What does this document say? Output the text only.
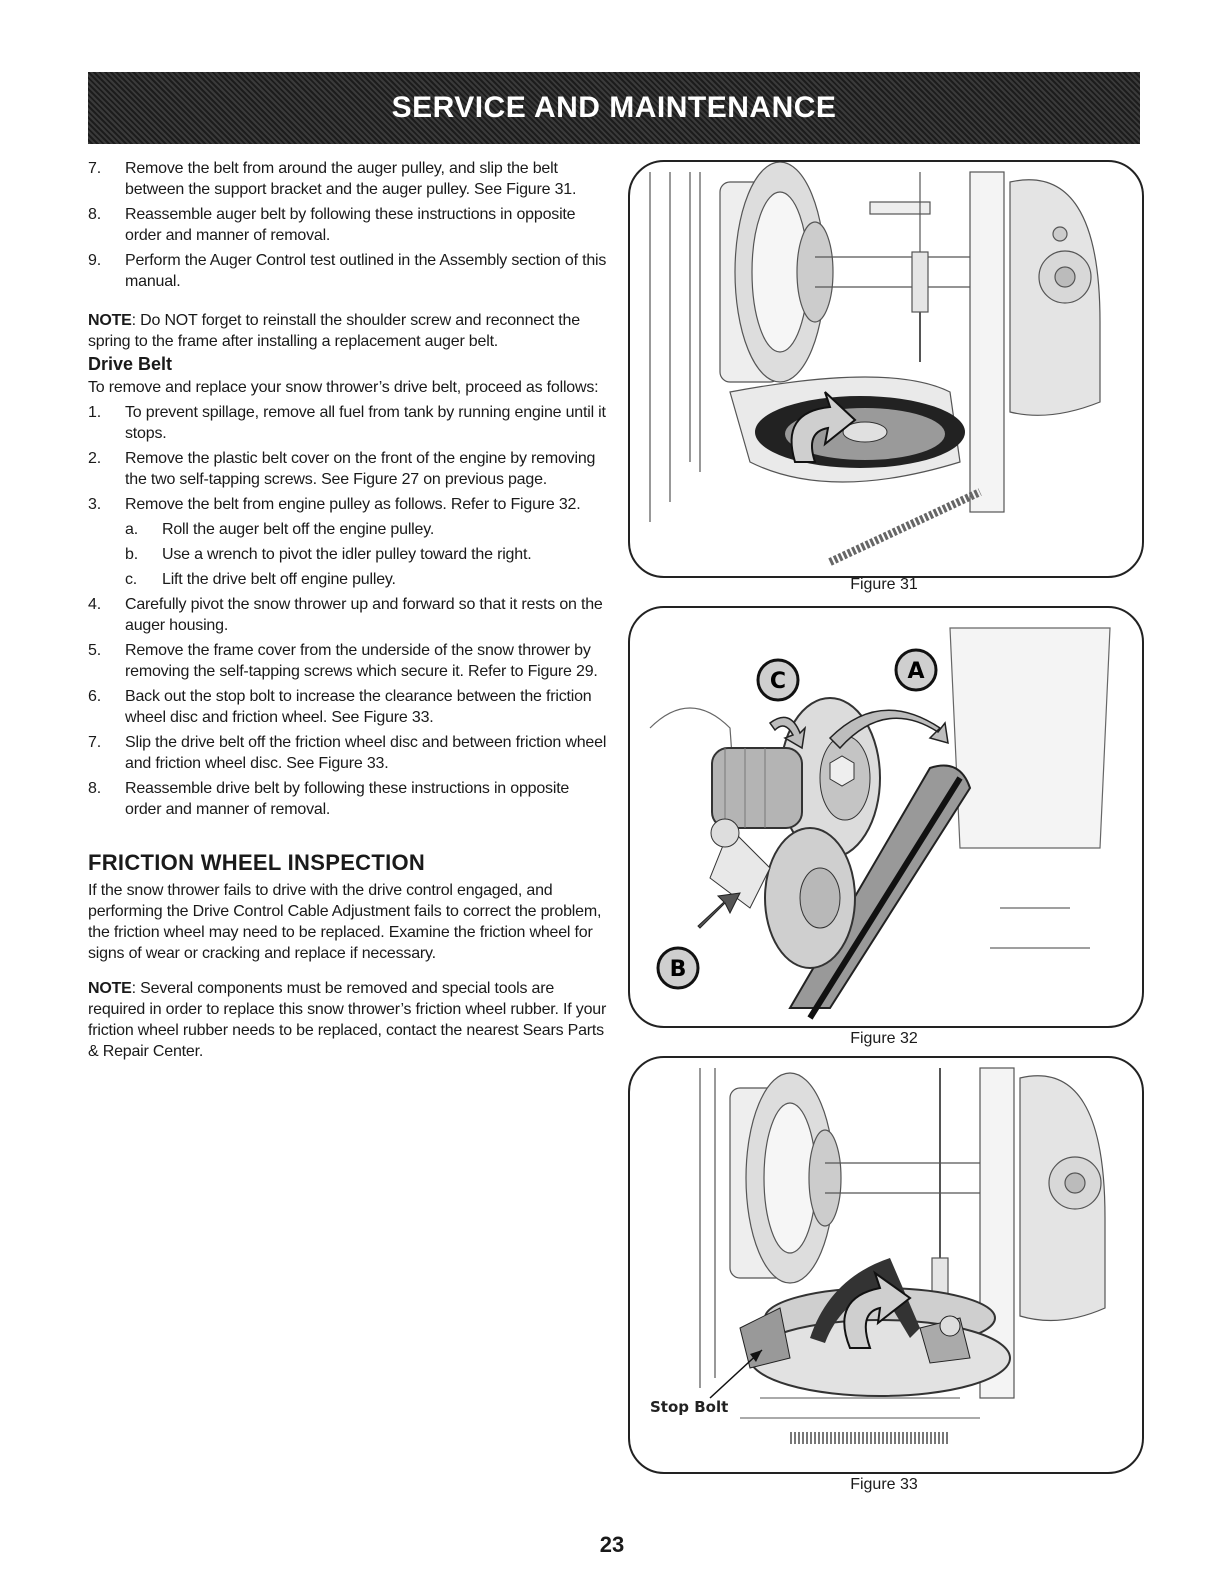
SERVICE AND MAINTENANCE
7. Remove the belt from around the auger pulley, and slip the belt between the support bracket and the auger pulley. See Figure 31.
8. Reassemble auger belt by following these instructions in opposite order and manner of removal.
9. Perform the Auger Control test outlined in the Assembly section of this manual.

NOTE: Do NOT forget to reinstall the shoulder screw and reconnect the spring to the frame after installing a replacement auger belt.

Drive Belt

To remove and replace your snow thrower’s drive belt, proceed as follows:

1. To prevent spillage, remove all fuel from tank by running engine until it stops.
2. Remove the plastic belt cover on the front of the engine by removing the two self-tapping screws. See Figure 27 on previous page.
3. Remove the belt from engine pulley as follows. Refer to Figure 32.
a. Roll the auger belt off the engine pulley.
b. Use a wrench to pivot the idler pulley toward the right.
c. Lift the drive belt off engine pulley.
4. Carefully pivot the snow thrower up and forward so that it rests on the auger housing.
5. Remove the frame cover from the underside of the snow thrower by removing the self-tapping screws which secure it. Refer to Figure 29.
6. Back out the stop bolt to increase the clearance between the friction wheel disc and friction wheel. See Figure 33.
7. Slip the drive belt off the friction wheel disc and between friction wheel and friction wheel disc. See Figure 33.
8. Reassemble drive belt by following these instructions in opposite order and manner of removal.
FRICTION WHEEL INSPECTION

If the snow thrower fails to drive with the drive control engaged, and performing the Drive Control Cable Adjustment fails to correct the problem, the friction wheel may need to be replaced. Examine the friction wheel for signs of wear or cracking and replace if necessary.

NOTE: Several components must be removed and special tools are required in order to replace this snow thrower’s friction wheel rubber. If your friction wheel rubber needs to be replaced, contact the nearest Sears Parts & Repair Center.

Figure 31
C	A
B
Figure 32
Stop Bolt
Figure 33
23
